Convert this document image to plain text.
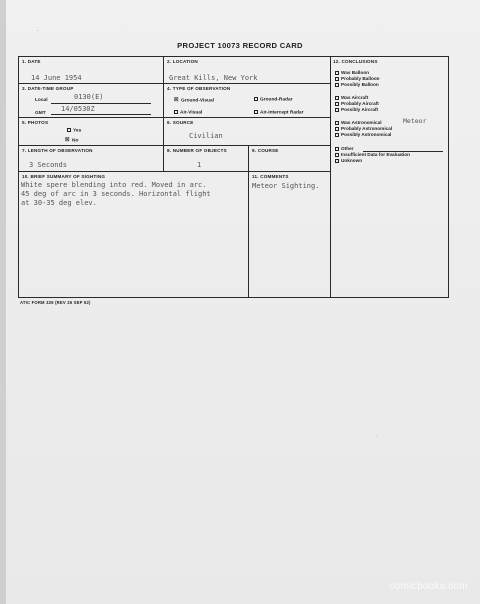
·
PROJECT 10073 RECORD CARD
1. DATE
14 June 1954
2. LOCATION
Great Kills, New York
3. DATE-TIME GROUP
Local	0130(E)
GMT
14/0530Z
4. TYPE OF OBSERVATION
☒ Ground-Visual	Ground-Radar
Air-Visual	Air-Intercept Radar
5. PHOTOS
Yes
☒ No
6. SOURCE
Civilian
7. LENGTH OF OBSERVATION
3 Seconds
8. NUMBER OF OBJECTS
1
9. COURSE
10. BRIEF SUMMARY OF SIGHTING
White spere blending into red. Moved in arc.
45 deg of arc in 3 seconds. Horizontal flight
at 30-35 deg elev.
11. COMMENTS
Meteor Sighting.
12. CONCLUSIONS
Was Balloon
Probably Balloon
Possibly Balloon
Was Aircraft
Probably Aircraft
Possibly Aircraft
Was Astronomical	Meteor
Probably Astronomical
Possibly Astronomical
Other
Insufficient Data for Evaluation
Unknown
ATIC FORM 329 (REV 26 SEP 52)
˙
comicbooks.com
